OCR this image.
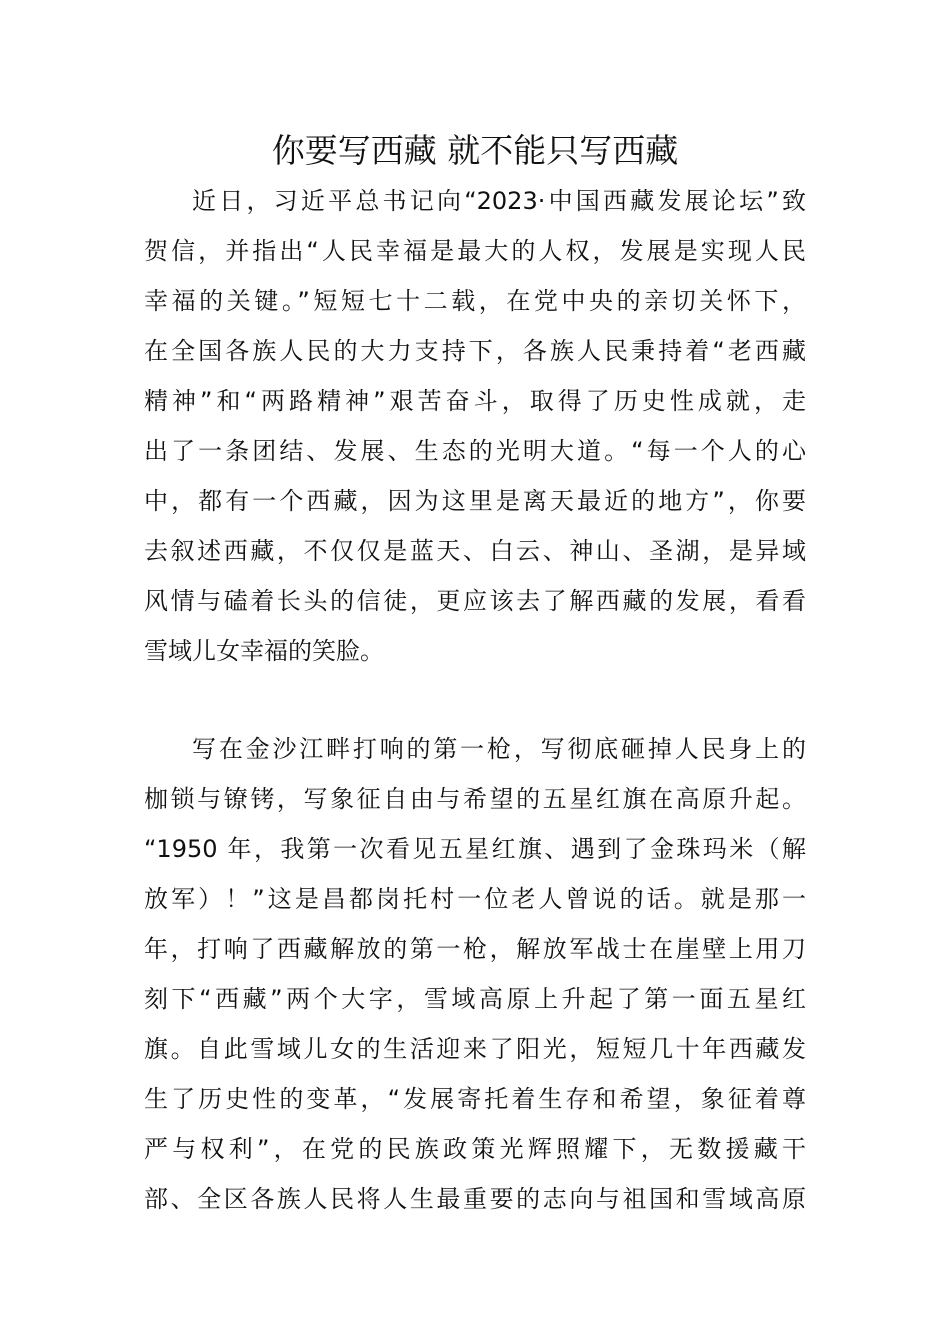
你要写西藏 就不能只写西藏
近日，习近平总书记向“2023·中国西藏发展论坛”致
贺信，并指出“人民幸福是最大的人权，发展是实现人民
幸福的关键。”短短七十二载，在党中央的亲切关怀下，
在全国各族人民的大力支持下，各族人民秉持着“老西藏
精神”和“两路精神”艰苦奋斗，取得了历史性成就，走
出了一条团结、发展、生态的光明大道。“每一个人的心
中，都有一个西藏，因为这里是离天最近的地方”，你要
去叙述西藏，不仅仅是蓝天、白云、神山、圣湖，是异域
风情与磕着长头的信徒，更应该去了解西藏的发展，看看
雪域儿女幸福的笑脸。
写在金沙江畔打响的第一枪，写彻底砸掉人民身上的
枷锁与镣铐，写象征自由与希望的五星红旗在高原升起。
“1950 年，我第一次看见五星红旗、遇到了金珠玛米（解
放军）！”这是昌都岗托村一位老人曾说的话。就是那一
年，打响了西藏解放的第一枪，解放军战士在崖壁上用刀
刻下“西藏”两个大字，雪域高原上升起了第一面五星红
旗。自此雪域儿女的生活迎来了阳光，短短几十年西藏发
生了历史性的变革，“发展寄托着生存和希望，象征着尊
严与权利”，在党的民族政策光辉照耀下，无数援藏干
部、全区各族人民将人生最重要的志向与祖国和雪域高原
